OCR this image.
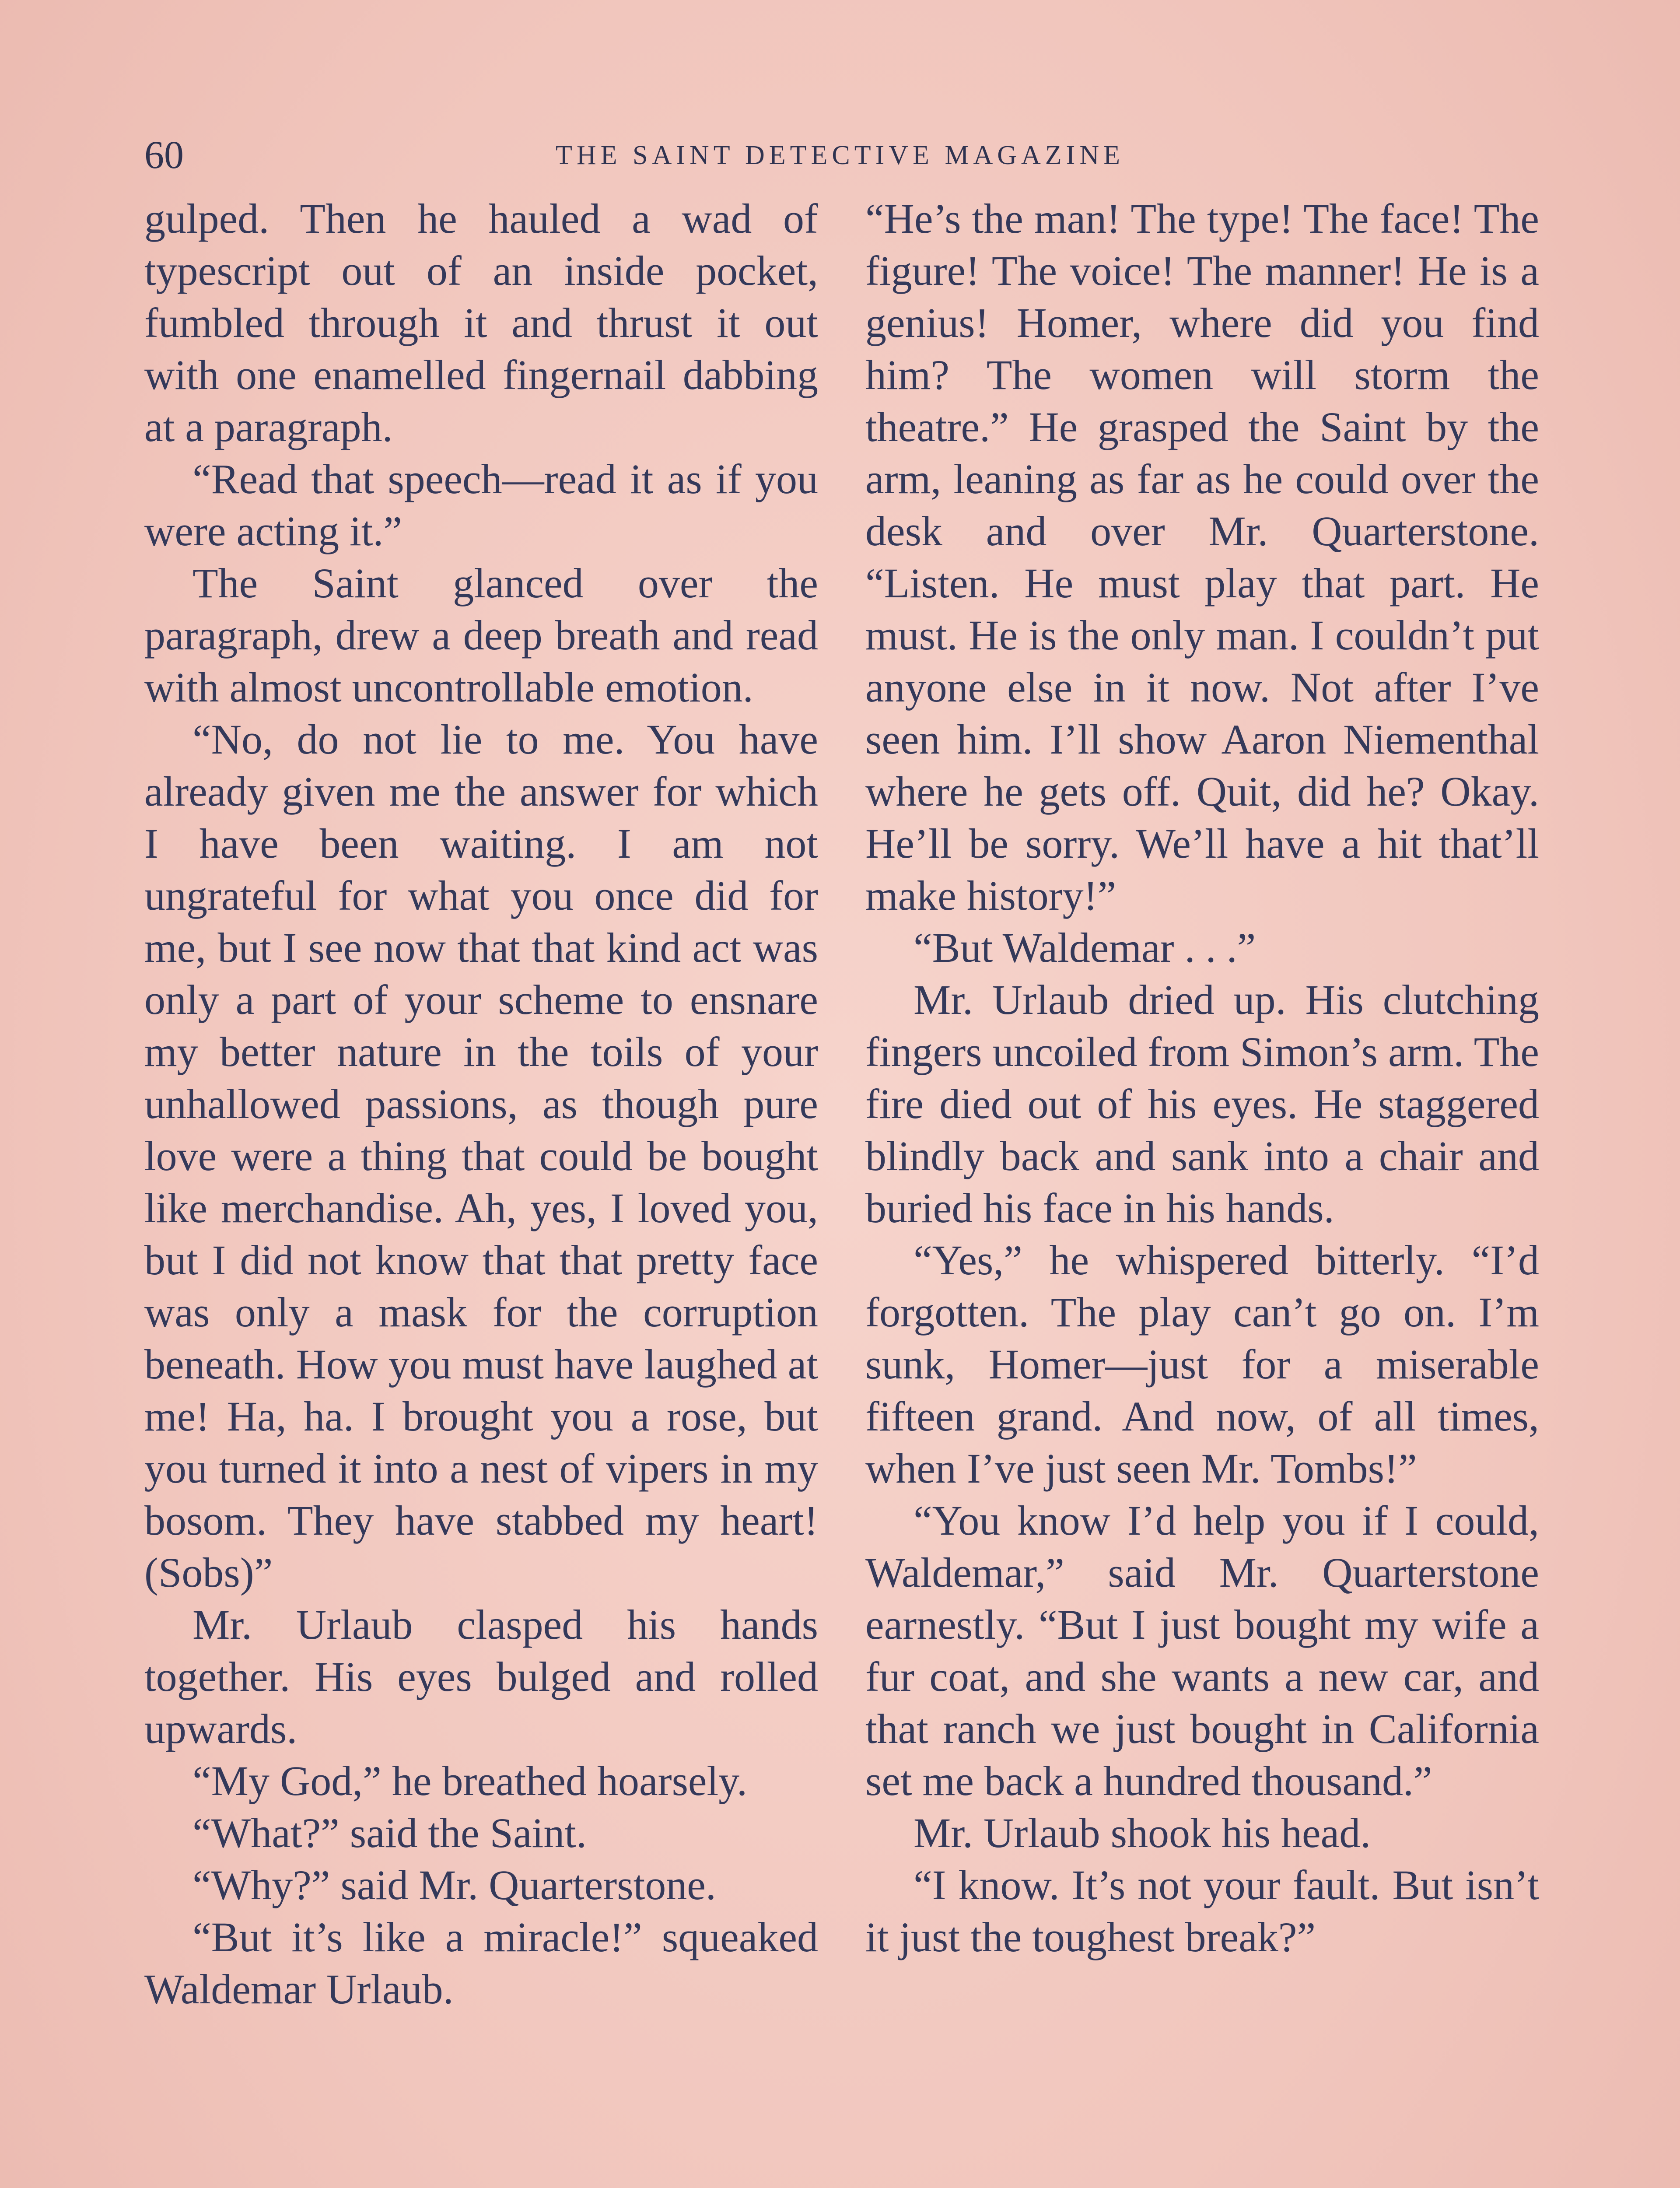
60	THE SAINT DETECTIVE MAGAZINE

gulped. Then he hauled a wad of typescript out of an inside pocket, fumbled through it and thrust it out with one enamelled fingernail dabbing at a paragraph.

“Read that speech—read it as if you were acting it.”

The Saint glanced over the paragraph, drew a deep breath and read with almost uncontrollable emotion.

“No, do not lie to me. You have already given me the answer for which I have been waiting. I am not ungrateful for what you once did for me, but I see now that that kind act was only a part of your scheme to ensnare my better nature in the toils of your unhallowed passions, as though pure love were a thing that could be bought like merchandise. Ah, yes, I loved you, but I did not know that that pretty face was only a mask for the corruption beneath. How you must have laughed at me! Ha, ha. I brought you a rose, but you turned it into a nest of vipers in my bosom. They have stabbed my heart! (Sobs)”

Mr. Urlaub clasped his hands together. His eyes bulged and rolled upwards.

“My God,” he breathed hoarsely.

“What?” said the Saint.

“Why?” said Mr. Quarterstone.

“But it’s like a miracle!” squeaked Waldemar Urlaub.

“He’s the man! The type! The face! The figure! The voice! The manner! He is a genius! Homer, where did you find him? The women will storm the theatre.” He grasped the Saint by the arm, leaning as far as he could over the desk and over Mr. Quarterstone. “Listen. He must play that part. He must. He is the only man. I couldn’t put anyone else in it now. Not after I’ve seen him. I’ll show Aaron Niementhal where he gets off. Quit, did he? Okay. He’ll be sorry. We’ll have a hit that’ll make history!”

“But Waldemar . . .”

Mr. Urlaub dried up. His clutching fingers uncoiled from Simon’s arm. The fire died out of his eyes. He staggered blindly back and sank into a chair and buried his face in his hands.

“Yes,” he whispered bitterly. “I’d forgotten. The play can’t go on. I’m sunk, Homer—just for a miserable fifteen grand. And now, of all times, when I’ve just seen Mr. Tombs!”

“You know I’d help you if I could, Waldemar,” said Mr. Quarterstone earnestly. “But I just bought my wife a fur coat, and she wants a new car, and that ranch we just bought in California set me back a hundred thousand.”

Mr. Urlaub shook his head.

“I know. It’s not your fault. But isn’t it just the toughest break?”
